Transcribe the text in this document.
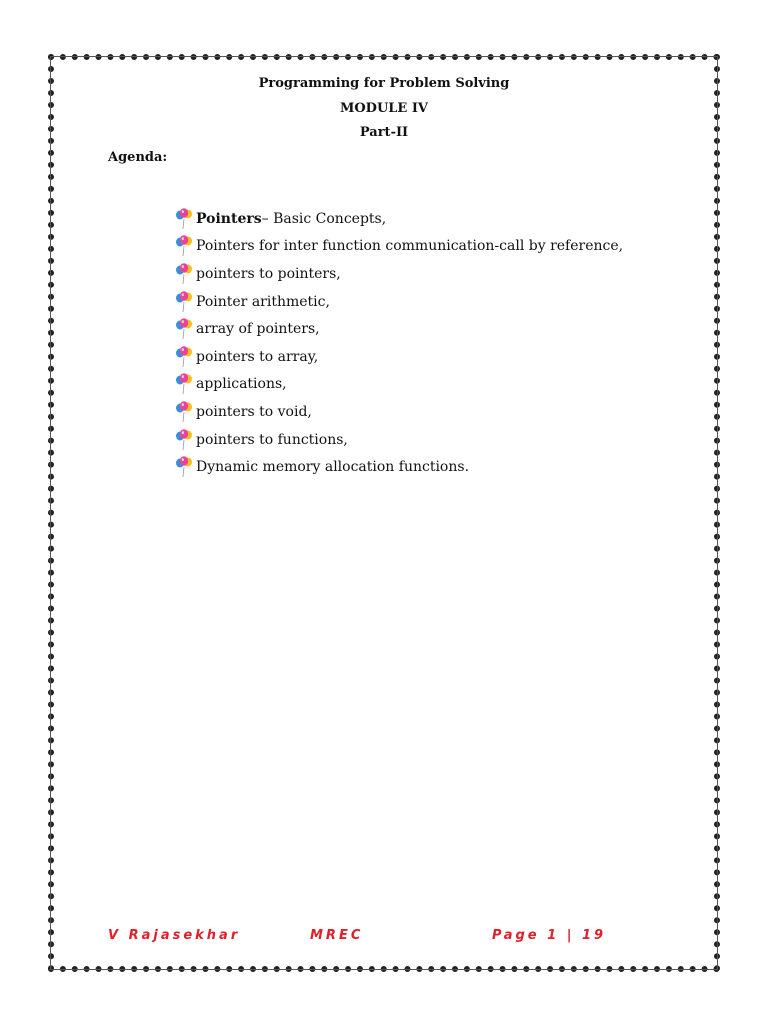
Programming for Problem Solving
MODULE IV
Part-II
Agenda:
Pointers – Basic Concepts,
Pointers for inter function communication-call by reference,
pointers to pointers,
Pointer arithmetic,
array of pointers,
pointers to array,
applications,
pointers to void,
pointers to functions,
Dynamic memory allocation functions.
V Rajasekhar	MREC	Page 1 | 19
